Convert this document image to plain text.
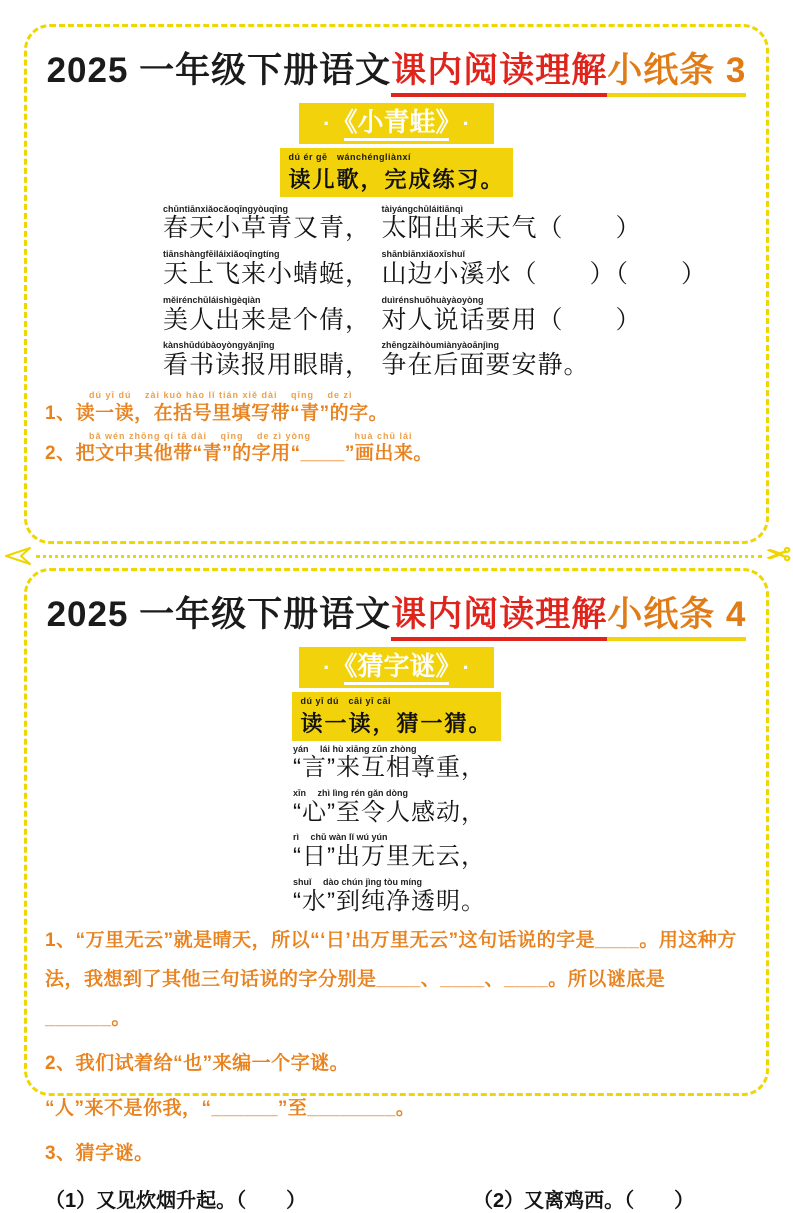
2025 一年级下册语文课内阅读理解小纸条 3
· 《小青蛙》 ·
dú ér gē　wánchéngliànxí
读儿歌，完成练习。
chūntiānxiǎocǎoqīngyòuqīng
春天小草青又青，

tàiyángchūláitiānqì
太阳出来天气（　　）
tiānshàngfēiláixiǎoqīngtíng
天上飞来小蜻蜓，

shānbiānxiǎoxīshuǐ
山边小溪水（　　）（　　）
měirénchūláishìgèqiàn
美人出来是个倩，

duìrénshuōhuàyàoyòng
对人说话要用（　　）
kànshūdúbàoyòngyǎnjīng
看书读报用眼睛，

zhēngzàihòumiànyàoānjìng
争在后面要安静。
dú yī dú　 zài kuò hào lǐ tián xiě dài　 qīng　 de zì
1、读一读，在括号里填写带“青”的字。
bǎ wén zhōng qí tā dài　 qīng　 de zì yòng　　　　 huà chū lái
2、把文中其他带“青”的字用“____”画出来。
✂
2025 一年级下册语文课内阅读理解小纸条 4
· 《猜字谜》 ·
dú yī dú　cāi yī cāi
读一读，猜一猜。
yán　 lái hù xiāng zūn zhòng
“言”来互相尊重，
xīn　 zhì lìng rén gǎn dòng
“心”至令人感动，
rì　 chū wàn lǐ wú yún
“日”出万里无云，
shuǐ　 dào chún jìng tòu míng
“水”到纯净透明。
1、“万里无云”就是晴天，所以“‘日’出万里无云”这句话说的字是____。用这种方法，我想到了其他三句话说的字分别是____、____、____。所以谜底是______。
2、我们试着给“也”来编一个字谜。
“人”来不是你我，“______”至________。
3、猜字谜。
（1）又见炊烟升起。（　　）	（2）又离鸡西。（　　）
